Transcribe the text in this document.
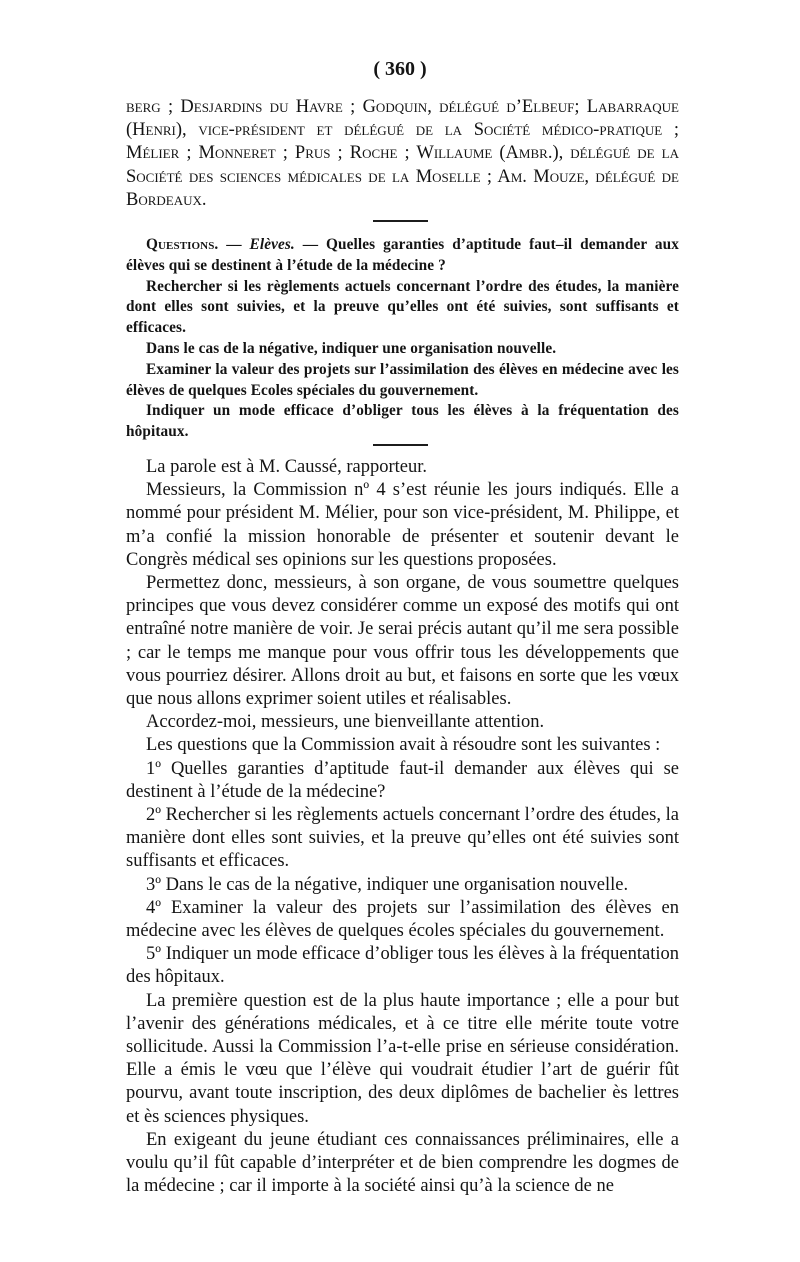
( 360 )

berg ; Desjardins du Havre ; Godquin, délégué d’Elbeuf; Labarraque (Henri), vice-président et délégué de la Société médico-pratique ; Mélier ; Monneret ; Prus ; Roche ; Willaume (Ambr.), délégué de la Société des sciences médicales de la Moselle ; Am. Mouze, délégué de Bordeaux.

Questions. — Elèves. — Quelles garanties d’aptitude faut–il demander aux élèves qui se destinent à l’étude de la médecine ?

Rechercher si les règlements actuels concernant l’ordre des études, la manière dont elles sont suivies, et la preuve qu’elles ont été suivies, sont suffisants et efficaces.

Dans le cas de la négative, indiquer une organisation nouvelle.

Examiner la valeur des projets sur l’assimilation des élèves en médecine avec les élèves de quelques Ecoles spéciales du gouvernement.

Indiquer un mode efficace d’obliger tous les élèves à la fréquentation des hôpitaux.

La parole est à M. Caussé, rapporteur.

Messieurs, la Commission nº 4 s’est réunie les jours indiqués. Elle a nommé pour président M. Mélier, pour son vice-président, M. Philippe, et m’a confié la mission honorable de présenter et soutenir devant le Congrès médical ses opinions sur les questions proposées.

Permettez donc, messieurs, à son organe, de vous soumettre quelques principes que vous devez considérer comme un exposé des motifs qui ont entraîné notre manière de voir. Je serai précis autant qu’il me sera possible ; car le temps me manque pour vous offrir tous les développements que vous pourriez désirer. Allons droit au but, et faisons en sorte que les vœux que nous allons exprimer soient utiles et réalisables.

Accordez-moi, messieurs, une bienveillante attention.

Les questions que la Commission avait à résoudre sont les suivantes :

1º Quelles garanties d’aptitude faut-il demander aux élèves qui se destinent à l’étude de la médecine?

2º Rechercher si les règlements actuels concernant l’ordre des études, la manière dont elles sont suivies, et la preuve qu’elles ont été suivies sont suffisants et efficaces.

3º Dans le cas de la négative, indiquer une organisation nouvelle.

4º Examiner la valeur des projets sur l’assimilation des élèves en médecine avec les élèves de quelques écoles spéciales du gouvernement.

5º Indiquer un mode efficace d’obliger tous les élèves à la fréquentation des hôpitaux.

La première question est de la plus haute importance ; elle a pour but l’avenir des générations médicales, et à ce titre elle mérite toute votre sollicitude. Aussi la Commission l’a-t-elle prise en sérieuse considération. Elle a émis le vœu que l’élève qui voudrait étudier l’art de guérir fût pourvu, avant toute inscription, des deux diplômes de bachelier ès lettres et ès sciences physiques.

En exigeant du jeune étudiant ces connaissances préliminaires, elle a voulu qu’il fût capable d’interpréter et de bien comprendre les dogmes de la médecine ; car il importe à la société ainsi qu’à la science de ne
